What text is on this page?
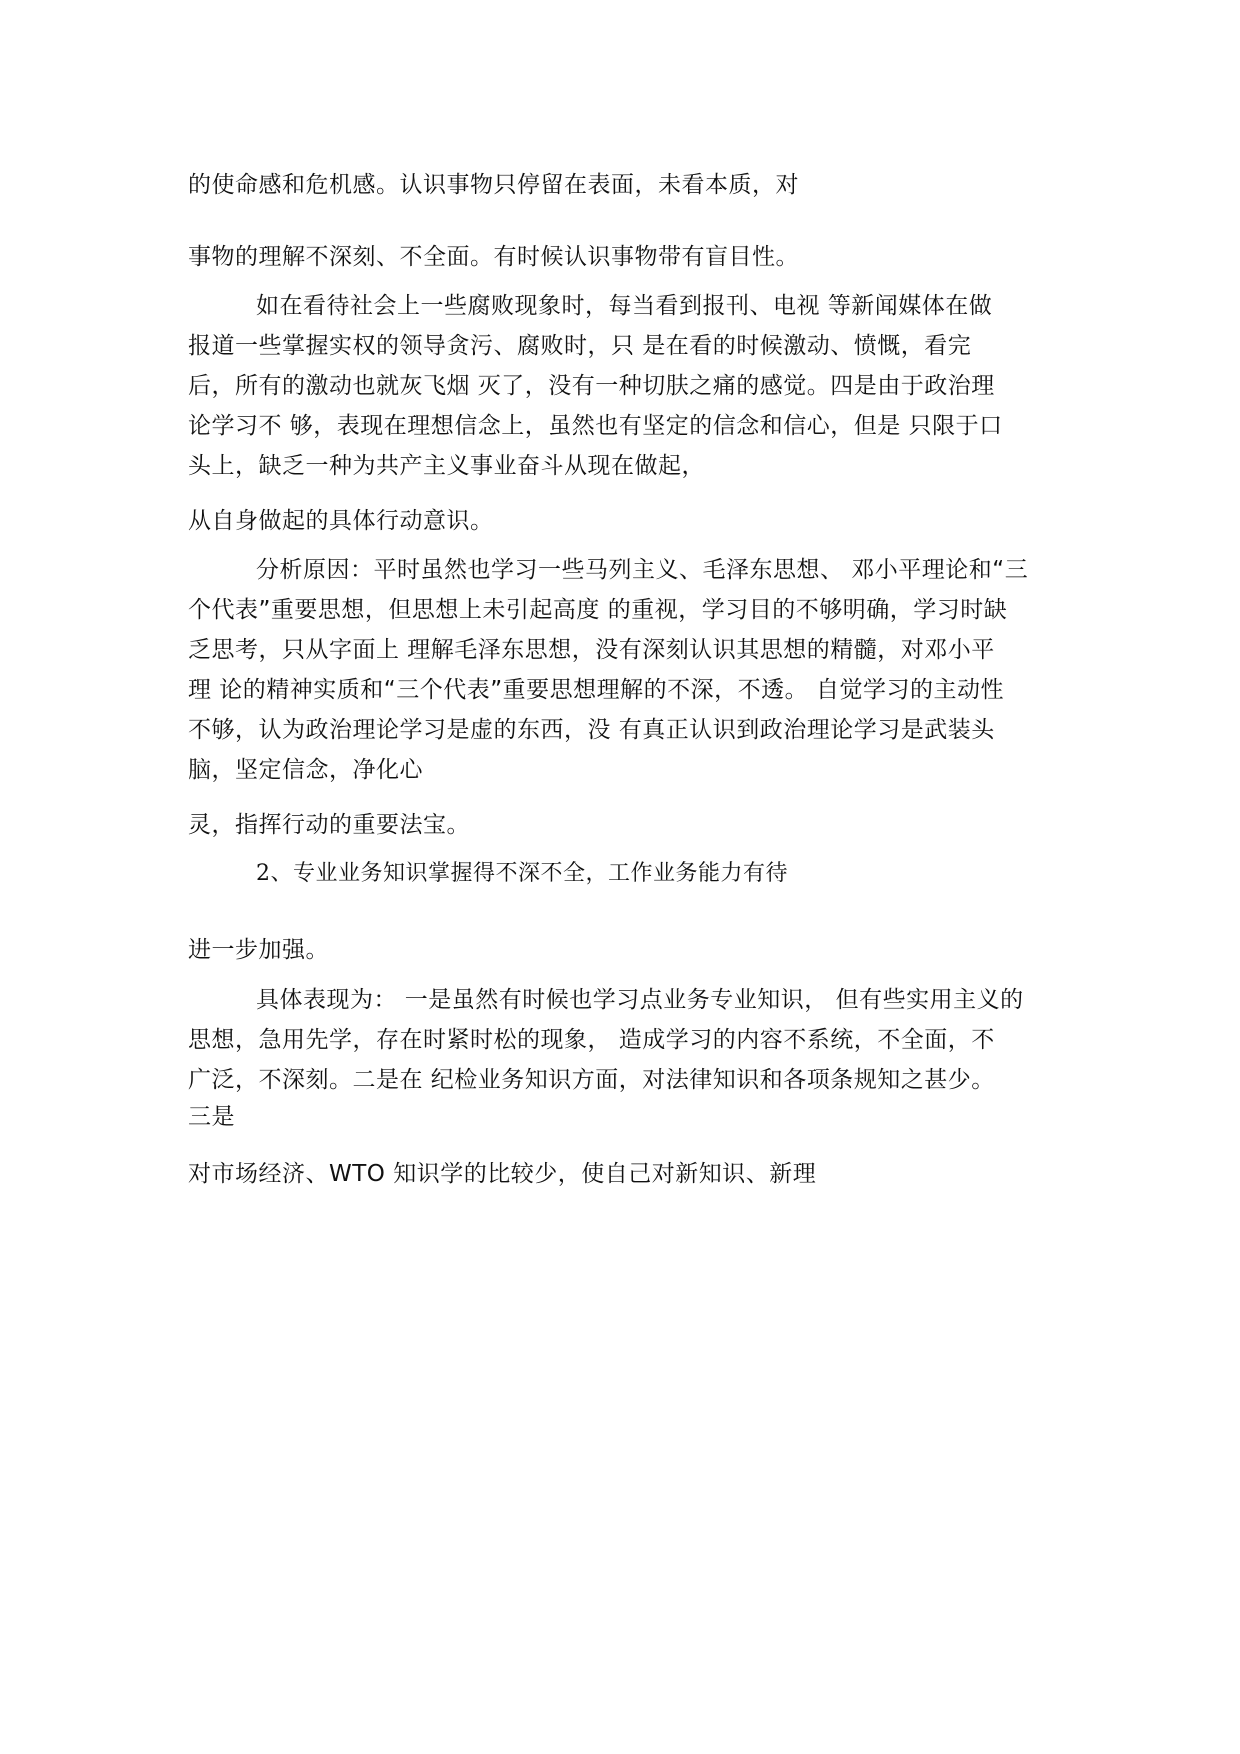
的使命感和危机感。认识事物只停留在表面，未看本质，对
事物的理解不深刻、不全面。有时候认识事物带有盲目性。
如在看待社会上一些腐败现象时，每当看到报刊、电视 等新闻媒体在做
报道一些掌握实权的领导贪污、腐败时，只 是在看的时候激动、愤慨，看完
后，所有的激动也就灰飞烟 灭了，没有一种切肤之痛的感觉。四是由于政治理
论学习不 够，表现在理想信念上，虽然也有坚定的信念和信心，但是 只限于口
头上，缺乏一种为共产主义事业奋斗从现在做起，
从自身做起的具体行动意识。
分析原因：平时虽然也学习一些马列主义、毛泽东思想、 邓小平理论和“三
个代表”重要思想，但思想上未引起高度 的重视，学习目的不够明确，学习时缺
乏思考，只从字面上 理解毛泽东思想，没有深刻认识其思想的精髓，对邓小平
理 论的精神实质和“三个代表”重要思想理解的不深，不透。 自觉学习的主动性
不够，认为政治理论学习是虚的东西，没 有真正认识到政治理论学习是武装头
脑，坚定信念，净化心
灵，指挥行动的重要法宝。
2、专业业务知识掌握得不深不全，工作业务能力有待
进一步加强。
具体表现为： 一是虽然有时候也学习点业务专业知识， 但有些实用主义的
思想，急用先学，存在时紧时松的现象， 造成学习的内容不系统，不全面，不
广泛，不深刻。二是在 纪检业务知识方面，对法律知识和各项条规知之甚少。
三是
对市场经济、WTO 知识学的比较少，使自己对新知识、新理
